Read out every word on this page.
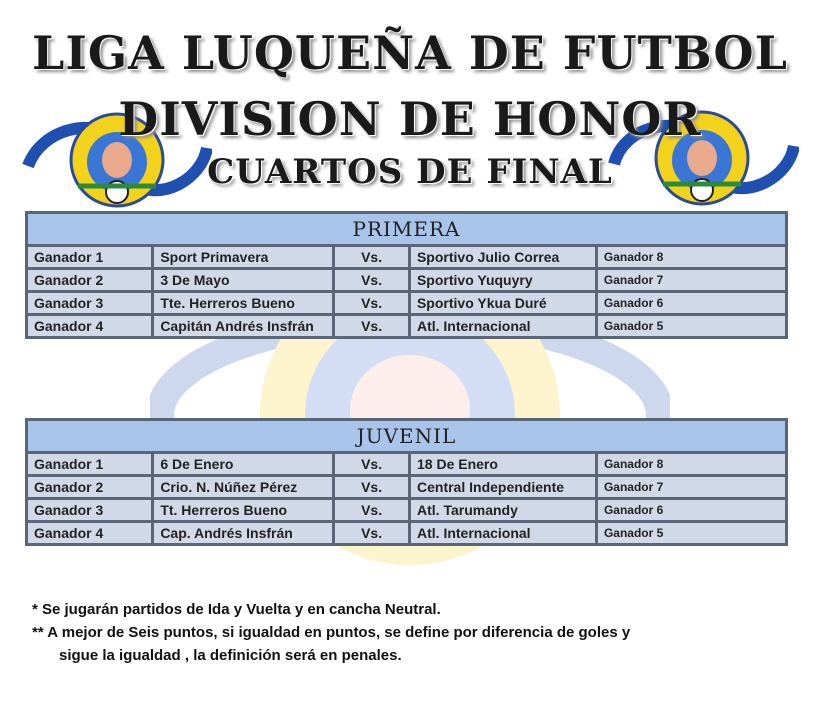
LIGA LUQUEÑA DE FUTBOL
DIVISION DE HONOR
CUARTOS DE FINAL
PRIMERA				
Ganador 1	Sport Primavera	Vs.	Sportivo Julio Correa	Ganador 8
Ganador 2	3 De Mayo	Vs.	Sportivo Yuquyry	Ganador 7
Ganador 3	Tte. Herreros Bueno	Vs.	Sportivo Ykua Duré	Ganador 6
Ganador 4	Capitán Andrés Insfrán	Vs.	Atl. Internacional	Ganador 5
JUVENIL				
Ganador 1	6 De Enero	Vs.	18 De Enero	Ganador 8
Ganador 2	Crio. N. Núñez Pérez	Vs.	Central Independiente	Ganador 7
Ganador 3	Tt. Herreros Bueno	Vs.	Atl. Tarumandy	Ganador 6
Ganador 4	Cap. Andrés Insfrán	Vs.	Atl. Internacional	Ganador 5
* Se jugarán partidos de Ida y Vuelta y en cancha Neutral.
** A mejor de Seis puntos, si igualdad en puntos, se define por diferencia de goles y
sigue la igualdad , la definición será en penales.
